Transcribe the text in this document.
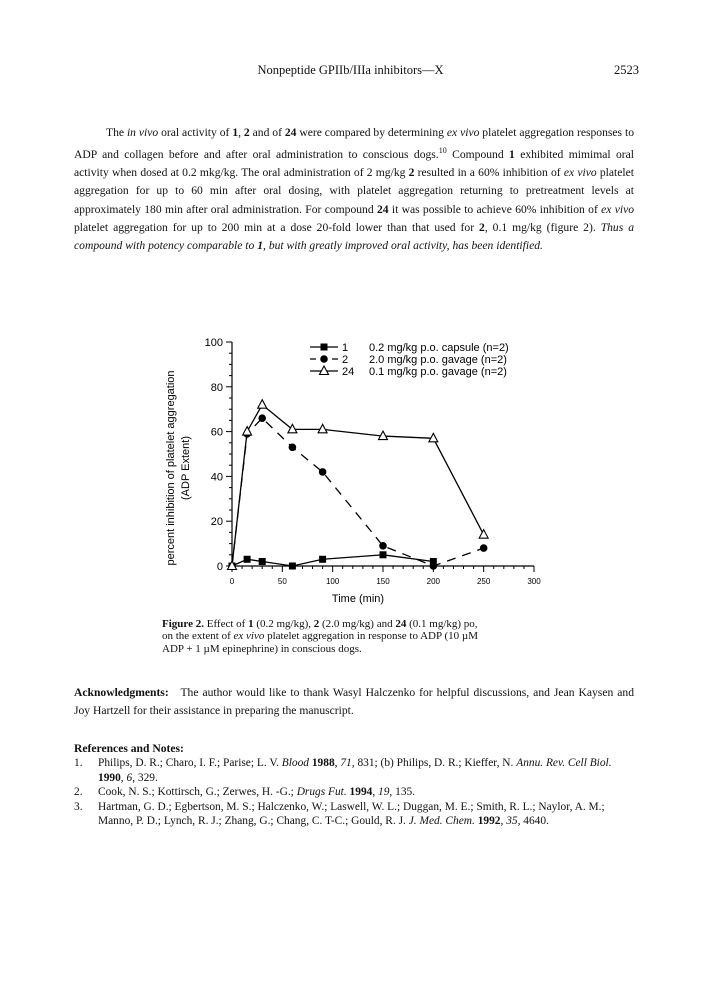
Nonpeptide GPIIb/IIIa inhibitors—X	2523

The in vivo oral activity of 1, 2 and of 24 were compared by determining ex vivo platelet aggregation responses to ADP and collagen before and after oral administration to conscious dogs.$^{10}$ Compound 1 exhibited mimimal oral activity when dosed at 0.2 mkg/kg. The oral administration of 2 mg/kg 2 resulted in a 60% inhibition of ex vivo platelet aggregation for up to 60 min after oral dosing, with platelet aggregation returning to pretreatment levels at approximately 180 min after oral administration. For compound 24 it was possible to achieve 60% inhibition of ex vivo platelet aggregation for up to 200 min at a dose 20-fold lower than that used for 2, 0.1 mg/kg (figure 2). Thus a compound with potency comparable to 1, but with greatly improved oral activity, has been identified.

0	50	100	150	200	250	300
0
20
40
60
80
100	1 0.2 mg/kg p.o. capsule (n=2)
2 2.0 mg/kg p.o. gavage (n=2)
24 0.1 mg/kg p.o. gavage (n=2)
Time (min)
percent inhibition of platelet aggregation (ADP Extent)
Figure 2. Effect of 1 (0.2 mg/kg), 2 (2.0 mg/kg) and 24 (0.1 mg/kg) po, on the extent of ex vivo platelet aggregation in response to ADP (10 µM ADP + 1 µM epinephrine) in conscious dogs.
Acknowledgments: The author would like to thank Wasyl Halczenko for helpful discussions, and Jean Kaysen and Joy Hartzell for their assistance in preparing the manuscript.
References and Notes:
1.	Philips, D. R.; Charo, I. F.; Parise; L. V. Blood 1988, 71, 831; (b) Philips, D. R.; Kieffer, N. Annu. Rev. Cell Biol. 1990, 6, 329.
2.	Cook, N. S.; Kottirsch, G.; Zerwes, H. -G.; Drugs Fut. 1994, 19, 135.
3.	Hartman, G. D.; Egbertson, M. S.; Halczenko, W.; Laswell, W. L.; Duggan, M. E.; Smith, R. L.; Naylor, A. M.; Manno, P. D.; Lynch, R. J.; Zhang, G.; Chang, C. T-C.; Gould, R. J. J. Med. Chem. 1992, 35, 4640.
